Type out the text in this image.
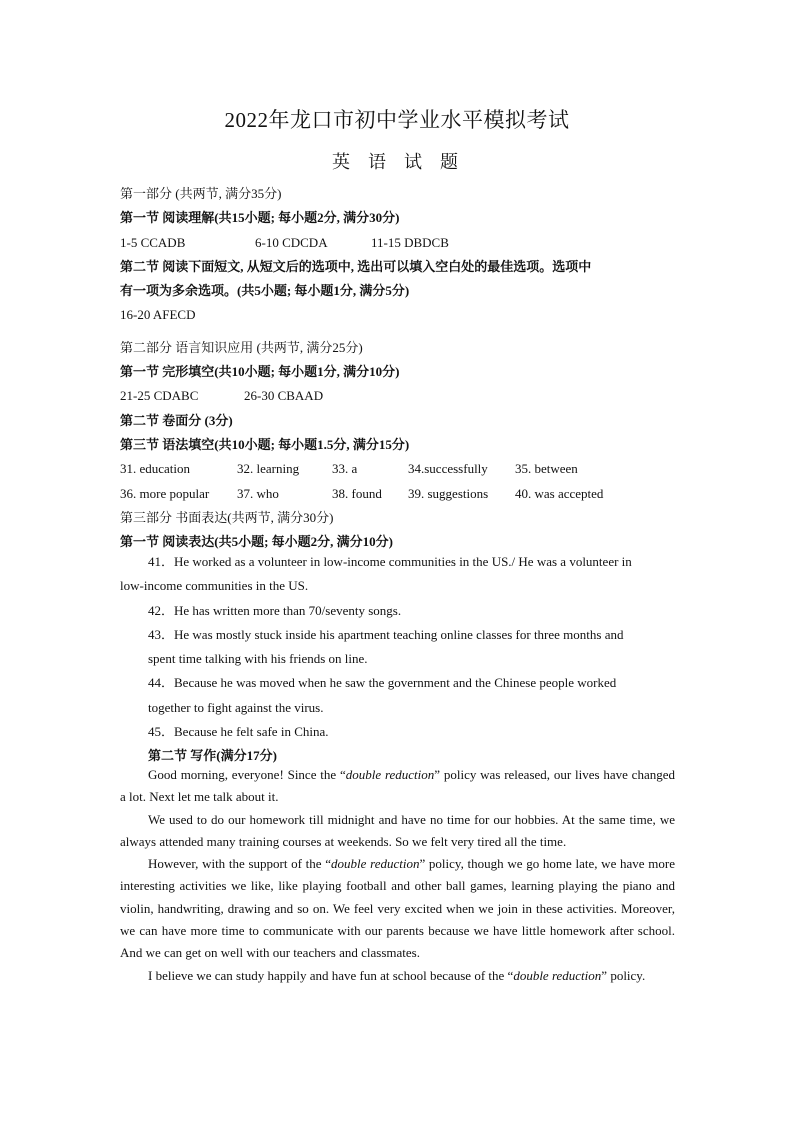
2022年龙口市初中学业水平模拟考试
英语试题
第一部分 (共两节, 满分35分)
第一节 阅读理解(共15小题; 每小题2分, 满分30分)
1-5 CCADB	6-10 CDCDA	11-15 DBDCB
第二节 阅读下面短文, 从短文后的选项中, 选出可以填入空白处的最佳选项。选项中
有一项为多余选项。(共5小题; 每小题1分, 满分5分)
16-20 AFECD
第二部分 语言知识应用 (共两节, 满分25分)
第一节 完形填空(共10小题; 每小题1分, 满分10分)
21-25 CDABC	26-30 CBAAD
第二节 卷面分 (3分)
第三节 语法填空(共10小题; 每小题1.5分, 满分15分)
31. education	32. learning	33. a	34.successfully	35. between
36. more popular	37. who	38. found	39. suggestions	40. was accepted
第三部分 书面表达(共两节, 满分30分)
第一节 阅读表达(共5小题; 每小题2分, 满分10分)
41．He worked as a volunteer in low-income communities in the US./ He was a volunteer in
low-income communities in the US.
42．He has written more than 70/seventy songs.
43．He was mostly stuck inside his apartment teaching online classes for three months and
spent time talking with his friends on line.
44．Because he was moved when he saw the government and the Chinese people worked
together to fight against the virus.
45．Because he felt safe in China.
第二节 写作(满分17分)
Good morning, everyone! Since the “double reduction” policy was released, our lives have changed a lot. Next let me talk about it.
We used to do our homework till midnight and have no time for our hobbies. At the same time, we always attended many training courses at weekends. So we felt very tired all the time.
However, with the support of the “double reduction” policy, though we go home late, we have more interesting activities we like, like playing football and other ball games, learning playing the piano and violin, handwriting, drawing and so on. We feel very excited when we join in these activities. Moreover, we can have more time to communicate with our parents because we have little homework after school. And we can get on well with our teachers and classmates.
I believe we can study happily and have fun at school because of the “double reduction” policy.
